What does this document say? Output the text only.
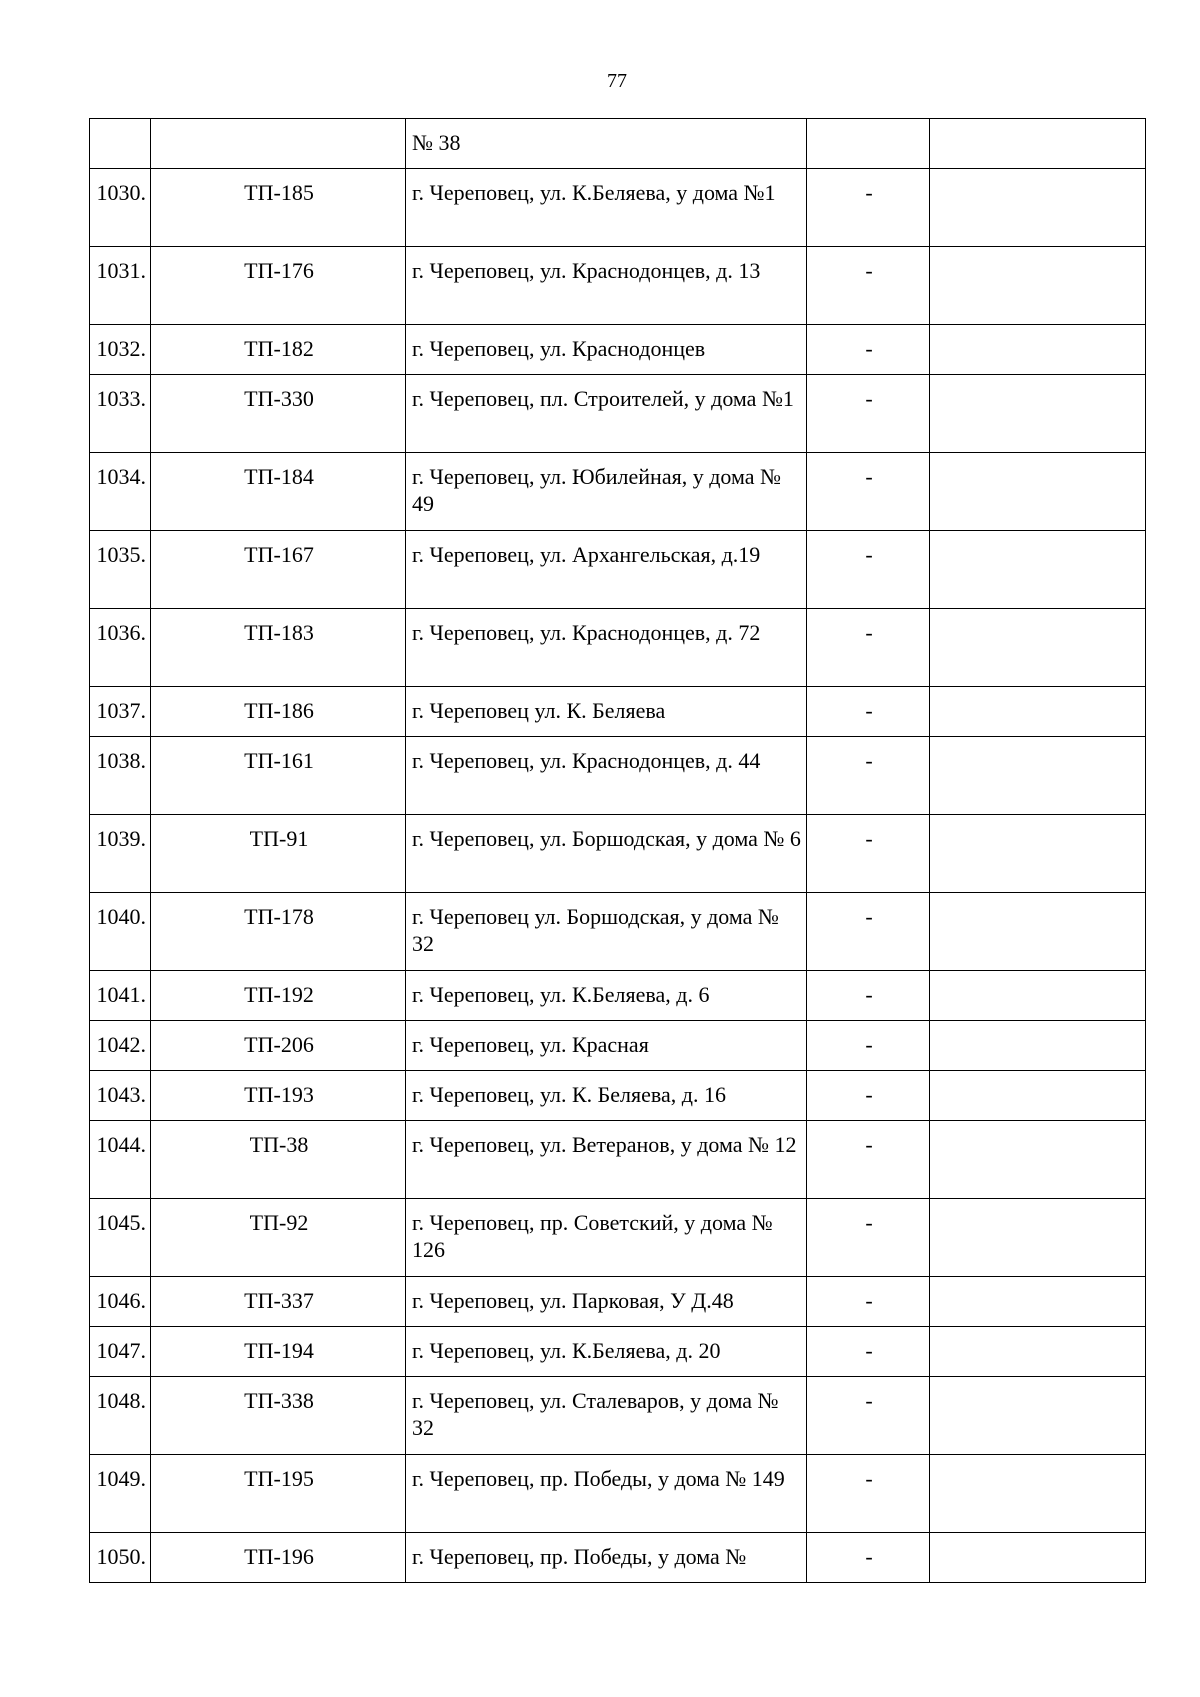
77
		№ 38		
1030.	ТП-185	г. Череповец, ул. К.Беляева, у дома №1	-	
1031.	ТП-176	г. Череповец, ул. Краснодонцев, д. 13	-	
1032.	ТП-182	г. Череповец, ул. Краснодонцев	-	
1033.	ТП-330	г. Череповец, пл. Строителей, у дома №1	-	
1034.	ТП-184	г. Череповец, ул. Юбилейная, у дома № 49	-	
1035.	ТП-167	г. Череповец, ул. Архангельская, д.19	-	
1036.	ТП-183	г. Череповец, ул. Краснодонцев, д. 72	-	
1037.	ТП-186	г. Череповец ул. К. Беляева	-	
1038.	ТП-161	г. Череповец, ул. Краснодонцев, д. 44	-	
1039.	ТП-91	г. Череповец, ул. Боршодская, у дома № 6	-	
1040.	ТП-178	г. Череповец ул. Боршодская, у дома № 32	-	
1041.	ТП-192	г. Череповец, ул. К.Беляева, д. 6	-	
1042.	ТП-206	г. Череповец, ул. Красная	-	
1043.	ТП-193	г. Череповец, ул. К. Беляева, д. 16	-	
1044.	ТП-38	г. Череповец, ул. Ветеранов, у дома № 12	-	
1045.	ТП-92	г. Череповец, пр. Советский, у дома № 126	-	
1046.	ТП-337	г. Череповец, ул. Парковая, У Д.48	-	
1047.	ТП-194	г. Череповец, ул. К.Беляева, д. 20	-	
1048.	ТП-338	г. Череповец, ул. Сталеваров, у дома № 32	-	
1049.	ТП-195	г. Череповец, пр. Победы, у дома № 149	-	
1050.	ТП-196	г. Череповец, пр. Победы, у дома №	-	
